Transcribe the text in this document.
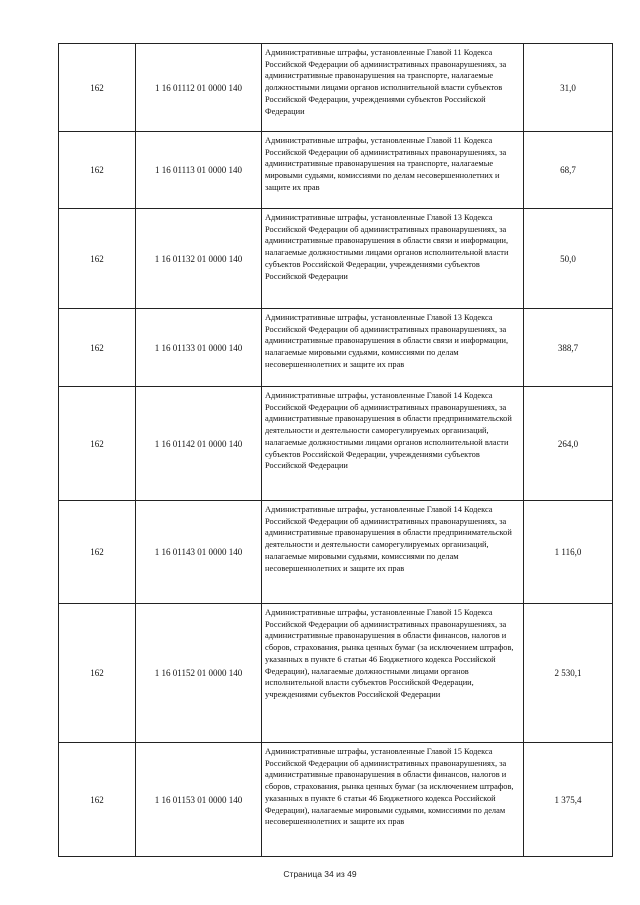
162	1 16 01112 01 0000 140	Административные штрафы, установленные Главой 11 Кодекса Российской Федерации об административных правонарушениях, за административные правонарушения на транспорте, налагаемые должностными лицами органов исполнительной власти субъектов Российской Федерации, учреждениями субъектов Российской Федерации	31,0
162	1 16 01113 01 0000 140	Административные штрафы, установленные Главой 11 Кодекса Российской Федерации об административных правонарушениях, за административные правонарушения на транспорте, налагаемые мировыми судьями, комиссиями по делам несовершеннолетних и защите их прав	68,7
162	1 16 01132 01 0000 140	Административные штрафы, установленные Главой 13 Кодекса Российской Федерации об административных правонарушениях, за административные правонарушения в области связи и информации, налагаемые должностными лицами органов исполнительной власти субъектов Российской Федерации, учреждениями субъектов Российской Федерации	50,0
162	1 16 01133 01 0000 140	Административные штрафы, установленные Главой 13 Кодекса Российской Федерации об административных правонарушениях, за административные правонарушения в области связи и информации, налагаемые мировыми судьями, комиссиями по делам несовершеннолетних и защите их прав	388,7
162	1 16 01142 01 0000 140	Административные штрафы, установленные Главой 14 Кодекса Российской Федерации об административных правонарушениях, за административные правонарушения в области предпринимательской деятельности и деятельности саморегулируемых организаций, налагаемые должностными лицами органов исполнительной власти субъектов Российской Федерации, учреждениями субъектов Российской Федерации	264,0
162	1 16 01143 01 0000 140	Административные штрафы, установленные Главой 14 Кодекса Российской Федерации об административных правонарушениях, за административные правонарушения в области предпринимательской деятельности и деятельности саморегулируемых организаций, налагаемые мировыми судьями, комиссиями по делам несовершеннолетних и защите их прав	1 116,0
162	1 16 01152 01 0000 140	Административные штрафы, установленные Главой 15 Кодекса Российской Федерации об административных правонарушениях, за административные правонарушения в области финансов, налогов и сборов, страхования, рынка ценных бумаг (за исключением штрафов, указанных в пункте 6 статьи 46 Бюджетного кодекса Российской Федерации), налагаемые должностными лицами органов исполнительной власти субъектов Российской Федерации, учреждениями субъектов Российской Федерации	2 530,1
162	1 16 01153 01 0000 140	Административные штрафы, установленные Главой 15 Кодекса Российской Федерации об административных правонарушениях, за административные правонарушения в области финансов, налогов и сборов, страхования, рынка ценных бумаг (за исключением штрафов, указанных в пункте 6 статьи 46 Бюджетного кодекса Российской Федерации), налагаемые мировыми судьями, комиссиями по делам несовершеннолетних и защите их прав	1 375,4
Страница 34 из 49
